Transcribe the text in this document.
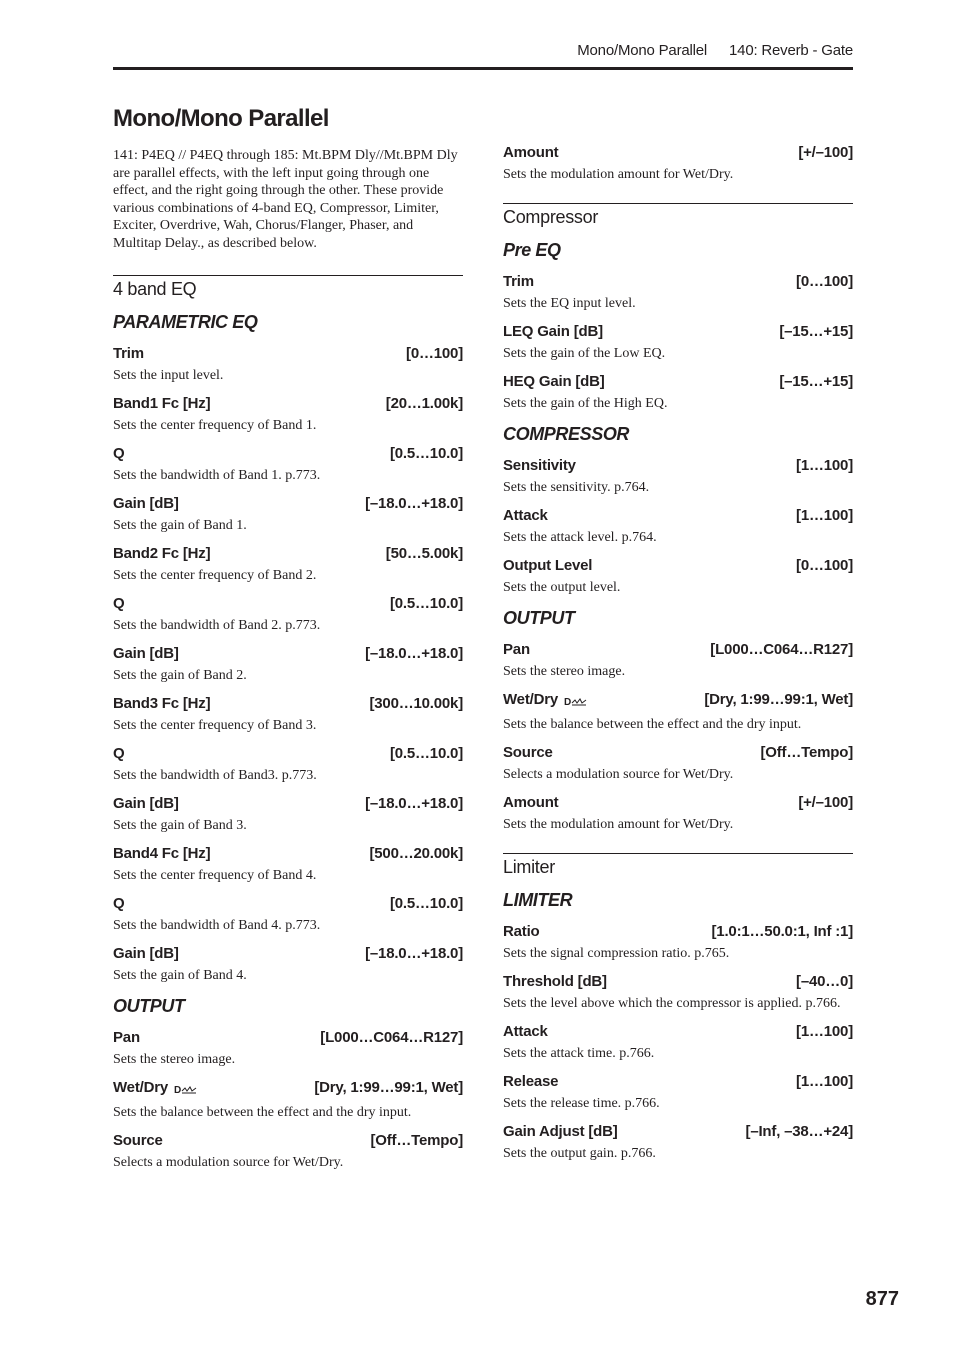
Mono/Mono Parallel 140: Reverb - Gate
Mono/Mono Parallel

141: P4EQ // P4EQ through 185: Mt.BPM Dly//Mt.BPM Dly are parallel effects, with the left input going through one effect, and the right going through the other. These provide various combinations of 4-band EQ, Compressor, Limiter, Exciter, Overdrive, Wah, Chorus/Flanger, Phaser, and Multitap Delay., as described below.

4 band EQ
PARAMETRIC EQ
Trim	[0…100]
Sets the input level.
Band1 Fc [Hz]	[20…1.00k]
Sets the center frequency of Band 1.
Q	[0.5…10.0]
Sets the bandwidth of Band 1. p.773.
Gain [dB]	[–18.0…+18.0]
Sets the gain of Band 1.
Band2 Fc [Hz]	[50…5.00k]
Sets the center frequency of Band 2.
Q	[0.5…10.0]
Sets the bandwidth of Band 2. p.773.
Gain [dB]	[–18.0…+18.0]
Sets the gain of Band 2.
Band3 Fc [Hz]	[300…10.00k]
Sets the center frequency of Band 3.
Q	[0.5…10.0]
Sets the bandwidth of Band3. p.773.
Gain [dB]	[–18.0…+18.0]
Sets the gain of Band 3.
Band4 Fc [Hz]	[500…20.00k]
Sets the center frequency of Band 4.
Q	[0.5…10.0]
Sets the bandwidth of Band 4. p.773.
Gain [dB]	[–18.0…+18.0]
Sets the gain of Band 4.
OUTPUT
Pan	[L000…C064…R127]
Sets the stereo image.
Wet/Dry D	[Dry, 1:99…99:1, Wet]
Sets the balance between the effect and the dry input.
Source	[Off…Tempo]
Selects a modulation source for Wet/Dry.
Amount	[+/–100]
Sets the modulation amount for Wet/Dry.
Compressor
Pre EQ
Trim	[0…100]
Sets the EQ input level.
LEQ Gain [dB]	[–15…+15]
Sets the gain of the Low EQ.
HEQ Gain [dB]	[–15…+15]
Sets the gain of the High EQ.
COMPRESSOR
Sensitivity	[1…100]
Sets the sensitivity. p.764.
Attack	[1…100]
Sets the attack level. p.764.
Output Level	[0…100]
Sets the output level.
OUTPUT
Pan	[L000…C064…R127]
Sets the stereo image.
Wet/Dry D	[Dry, 1:99…99:1, Wet]
Sets the balance between the effect and the dry input.
Source	[Off…Tempo]
Selects a modulation source for Wet/Dry.
Amount	[+/–100]
Sets the modulation amount for Wet/Dry.
Limiter
LIMITER
Ratio	[1.0:1…50.0:1, Inf :1]
Sets the signal compression ratio. p.765.
Threshold [dB]	[–40…0]
Sets the level above which the compressor is applied. p.766.
Attack	[1…100]
Sets the attack time. p.766.
Release	[1…100]
Sets the release time. p.766.
Gain Adjust [dB]	[–Inf, –38…+24]
Sets the output gain. p.766.
877
